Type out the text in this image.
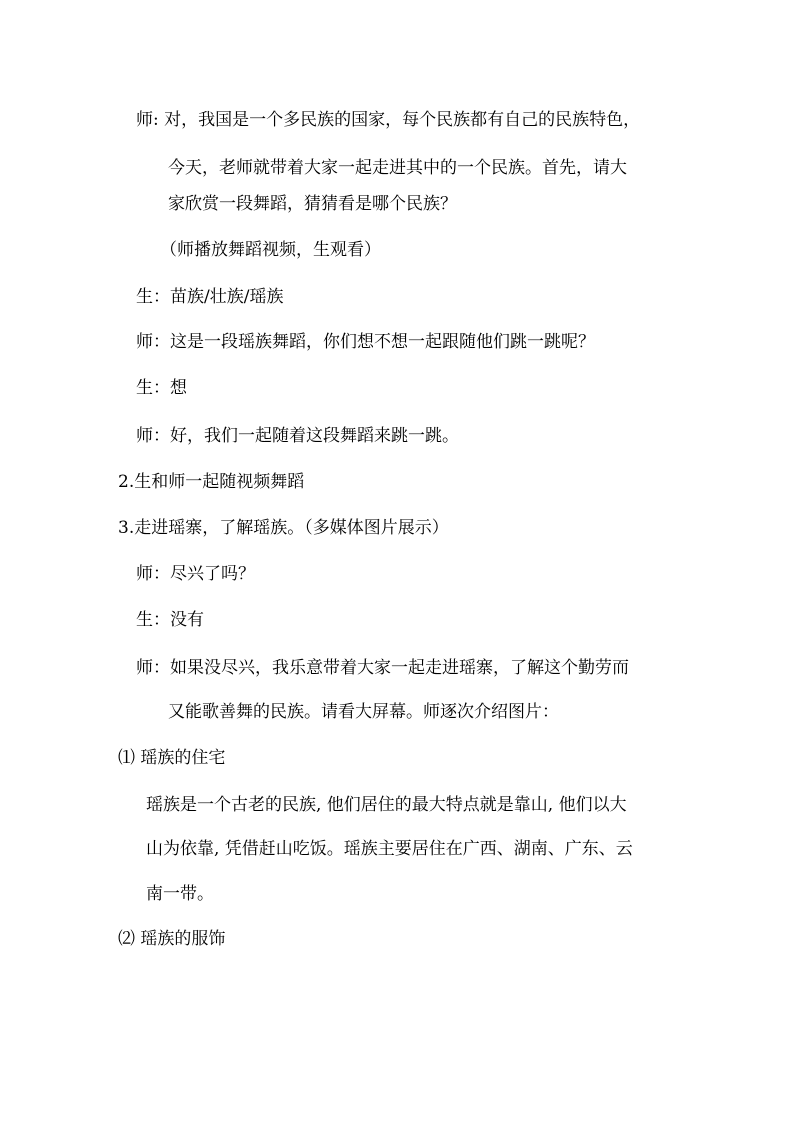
师: 对，我国是一个多民族的国家，每个民族都有自己的民族特色，
今天，老师就带着大家一起走进其中的一个民族。首先，请大
家欣赏一段舞蹈，猜猜看是哪个民族？
（师播放舞蹈视频，生观看）
生：苗族/壮族/瑶族
师：这是一段瑶族舞蹈，你们想不想一起跟随他们跳一跳呢？
生：想
师：好，我们一起随着这段舞蹈来跳一跳。
2.生和师一起随视频舞蹈
3.走进瑶寨，了解瑶族。（多媒体图片展示）
师：尽兴了吗？
生：没有
师：如果没尽兴，我乐意带着大家一起走进瑶寨，了解这个勤劳而
又能歌善舞的民族。请看大屏幕。师逐次介绍图片：
⑴ 瑶族的住宅
瑶族是一个古老的民族, 他们居住的最大特点就是靠山, 他们以大
山为依靠, 凭借赶山吃饭。瑶族主要居住在广西、湖南、广东、云
南一带。
⑵ 瑶族的服饰
